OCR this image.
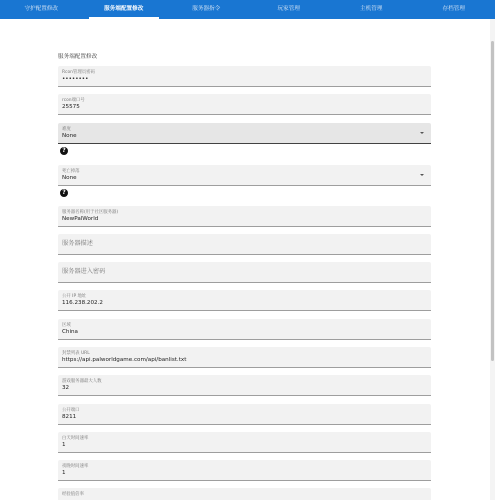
守护配置修改	服务端配置修改	服务器指令	玩家管理	主机管理	存档管理
服务端配置修改
Rcon管理员密码
••••••••
rcon端口号
25575
难度
None
?
死亡掉落
None
?
服务器名称(用于社区服务器)
NewPalWorld
服务器描述
服务器进入密码
公开 IP 地址
116.238.202.2
区域
China
封禁列表 URL
https://api.palworldgame.com/api/banlist.txt
游戏服务器最大人数
32
公开端口
8211
白天时间速率
1
夜晚时间速率
1
经验值倍率
